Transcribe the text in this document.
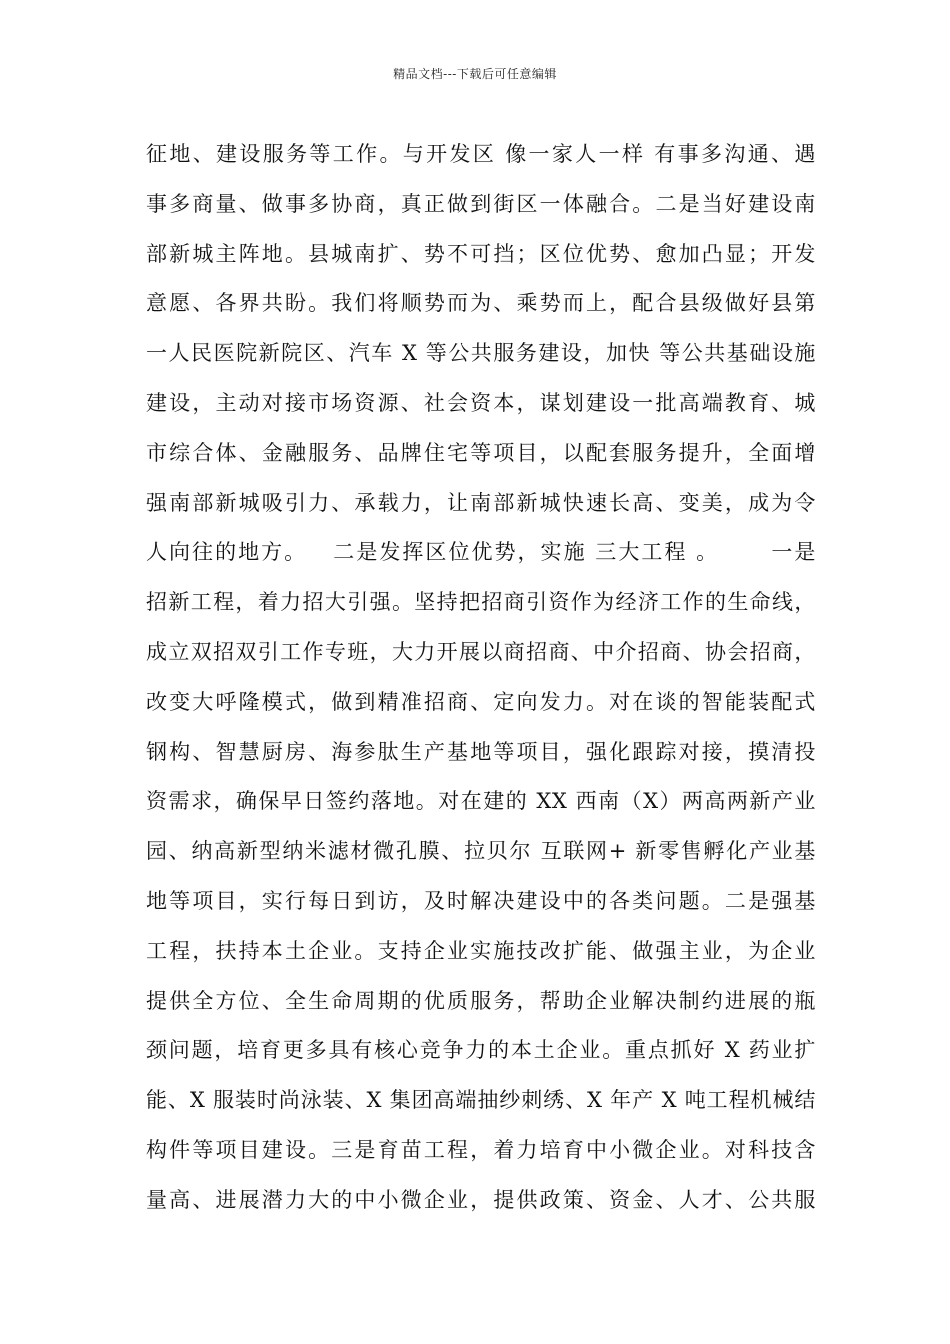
精品文档---下载后可任意编辑
征地、建设服务等工作。与开发区 像一家人一样 有事多沟通、遇
事多商量、做事多协商，真正做到街区一体融合。二是当好建设南
部新城主阵地。县城南扩、势不可挡；区位优势、愈加凸显；开发
意愿、各界共盼。我们将顺势而为、乘势而上，配合县级做好县第
一人民医院新院区、汽车 X 等公共服务建设，加快 等公共基础设施
建设，主动对接市场资源、社会资本，谋划建设一批高端教育、城
市综合体、金融服务、品牌住宅等项目，以配套服务提升，全面增
强南部新城吸引力、承载力，让南部新城快速长高、变美，成为令
人向往的地方。   二是发挥区位优势，实施 三大工程 。      一是
招新工程，着力招大引强。坚持把招商引资作为经济工作的生命线，
成立双招双引工作专班，大力开展以商招商、中介招商、协会招商，
改变大呼隆模式，做到精准招商、定向发力。对在谈的智能装配式
钢构、智慧厨房、海参肽生产基地等项目，强化跟踪对接，摸清投
资需求，确保早日签约落地。对在建的 XX 西南（X）两高两新产业
园、纳高新型纳米滤材微孔膜、拉贝尔 互联网+ 新零售孵化产业基
地等项目，实行每日到访，及时解决建设中的各类问题。二是强基
工程，扶持本土企业。支持企业实施技改扩能、做强主业，为企业
提供全方位、全生命周期的优质服务，帮助企业解决制约进展的瓶
颈问题，培育更多具有核心竞争力的本土企业。重点抓好 X 药业扩
能、X 服装时尚泳装、X 集团高端抽纱刺绣、X 年产 X 吨工程机械结
构件等项目建设。三是育苗工程，着力培育中小微企业。对科技含
量高、进展潜力大的中小微企业，提供政策、资金、人才、公共服
